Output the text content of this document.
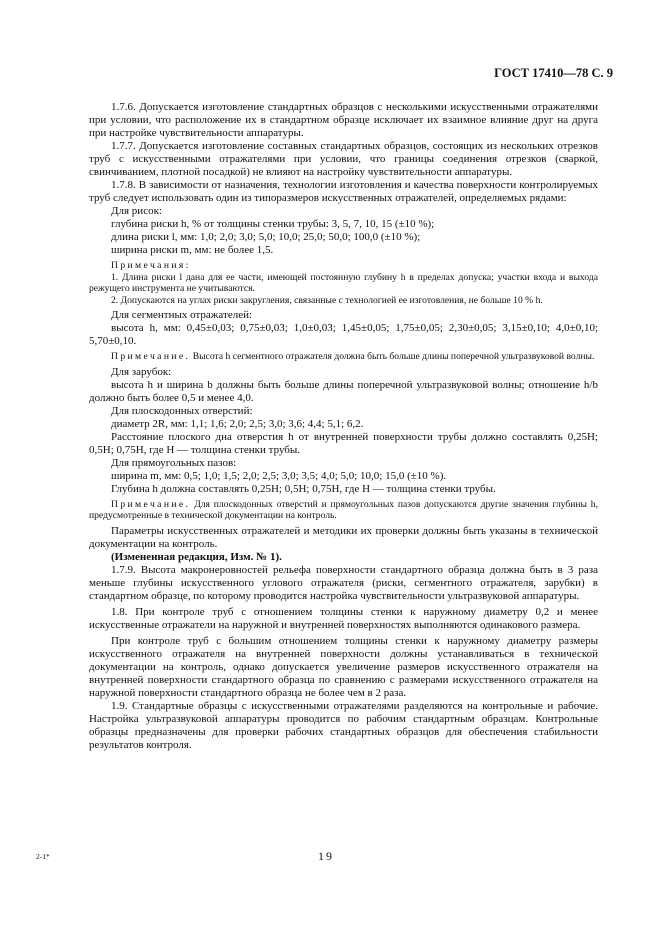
ГОСТ 17410—78 С. 9

1.7.6. Допускается изготовление стандартных образцов с несколькими искусственными отражателями при условии, что расположение их в стандартном образце исключает их взаимное влияние друг на друга при настройке чувствительности аппаратуры.

1.7.7. Допускается изготовление составных стандартных образцов, состоящих из нескольких отрезков труб с искусственными отражателями при условии, что границы соединения отрезков (сваркой, свинчиванием, плотной посадкой) не влияют на настройку чувствительности аппаратуры.

1.7.8. В зависимости от назначения, технологии изготовления и качества поверхности контролируемых труб следует использовать один из типоразмеров искусственных отражателей, определяемых рядами:

Для рисок:

глубина риски h, % от толщины стенки трубы: 3, 5, 7, 10, 15 (±10 %);

длина риски l, мм: 1,0; 2,0; 3,0; 5,0; 10,0; 25,0; 50,0; 100,0 (±10 %);

ширина риски m, мм: не более 1,5.

Примечания:

1. Длина риски l дана для ее части, имеющей постоянную глубину h в пределах допуска; участки входа и выхода режущего инструмента не учитываются.

2. Допускаются на углах риски закругления, связанные с технологией ее изготовления, не больше 10 % h.

Для сегментных отражателей:

высота h, мм: 0,45±0,03; 0,75±0,03; 1,0±0,03; 1,45±0,05; 1,75±0,05; 2,30±0,05; 3,15±0,10; 4,0±0,10; 5,70±0,10.

Примечание. Высота h сегментного отражателя должна быть больше длины поперечной ультразвуковой волны.

Для зарубок:

высота h и ширина b должны быть больше длины поперечной ультразвуковой волны; отношение h/b должно быть более 0,5 и менее 4,0.

Для плоскодонных отверстий:

диаметр 2R, мм: 1,1; 1,6; 2,0; 2,5; 3,0; 3,6; 4,4; 5,1; 6,2.

Расстояние плоского дна отверстия h от внутренней поверхности трубы должно составлять 0,25H; 0,5H; 0,75H, где H — толщина стенки трубы.

Для прямоугольных пазов:

ширина m, мм: 0,5; 1,0; 1,5; 2,0; 2,5; 3,0; 3,5; 4,0; 5,0; 10,0; 15,0 (±10 %).

Глубина h должна составлять 0,25H; 0,5H; 0,75H, где H — толщина стенки трубы.

Примечание. Для плоскодонных отверстий и прямоугольных пазов допускаются другие значения глубины h, предусмотренные в технической документации на контроль.

Параметры искусственных отражателей и методики их проверки должны быть указаны в технической документации на контроль.

(Измененная редакция, Изм. № 1).

1.7.9. Высота макронеровностей рельефа поверхности стандартного образца должна быть в 3 раза меньше глубины искусственного углового отражателя (риски, сегментного отражателя, зарубки) в стандартном образце, по которому проводится настройка чувствительности ультразвуковой аппаратуры.

1.8. При контроле труб с отношением толщины стенки к наружному диаметру 0,2 и менее искусственные отражатели на наружной и внутренней поверхностях выполняются одинакового размера.

При контроле труб с большим отношением толщины стенки к наружному диаметру размеры искусственного отражателя на внутренней поверхности должны устанавливаться в технической документации на контроль, однако допускается увеличение размеров искусственного отражателя на внутренней поверхности стандартного образца по сравнению с размерами искусственного отражателя на наружной поверхности стандартного образца не более чем в 2 раза.

1.9. Стандартные образцы с искусственными отражателями разделяются на контрольные и рабочие. Настройка ультразвуковой аппаратуры проводится по рабочим стандартным образцам. Контрольные образцы предназначены для проверки рабочих стандартных образцов для обеспечения стабильности результатов контроля.

2-1*	19
